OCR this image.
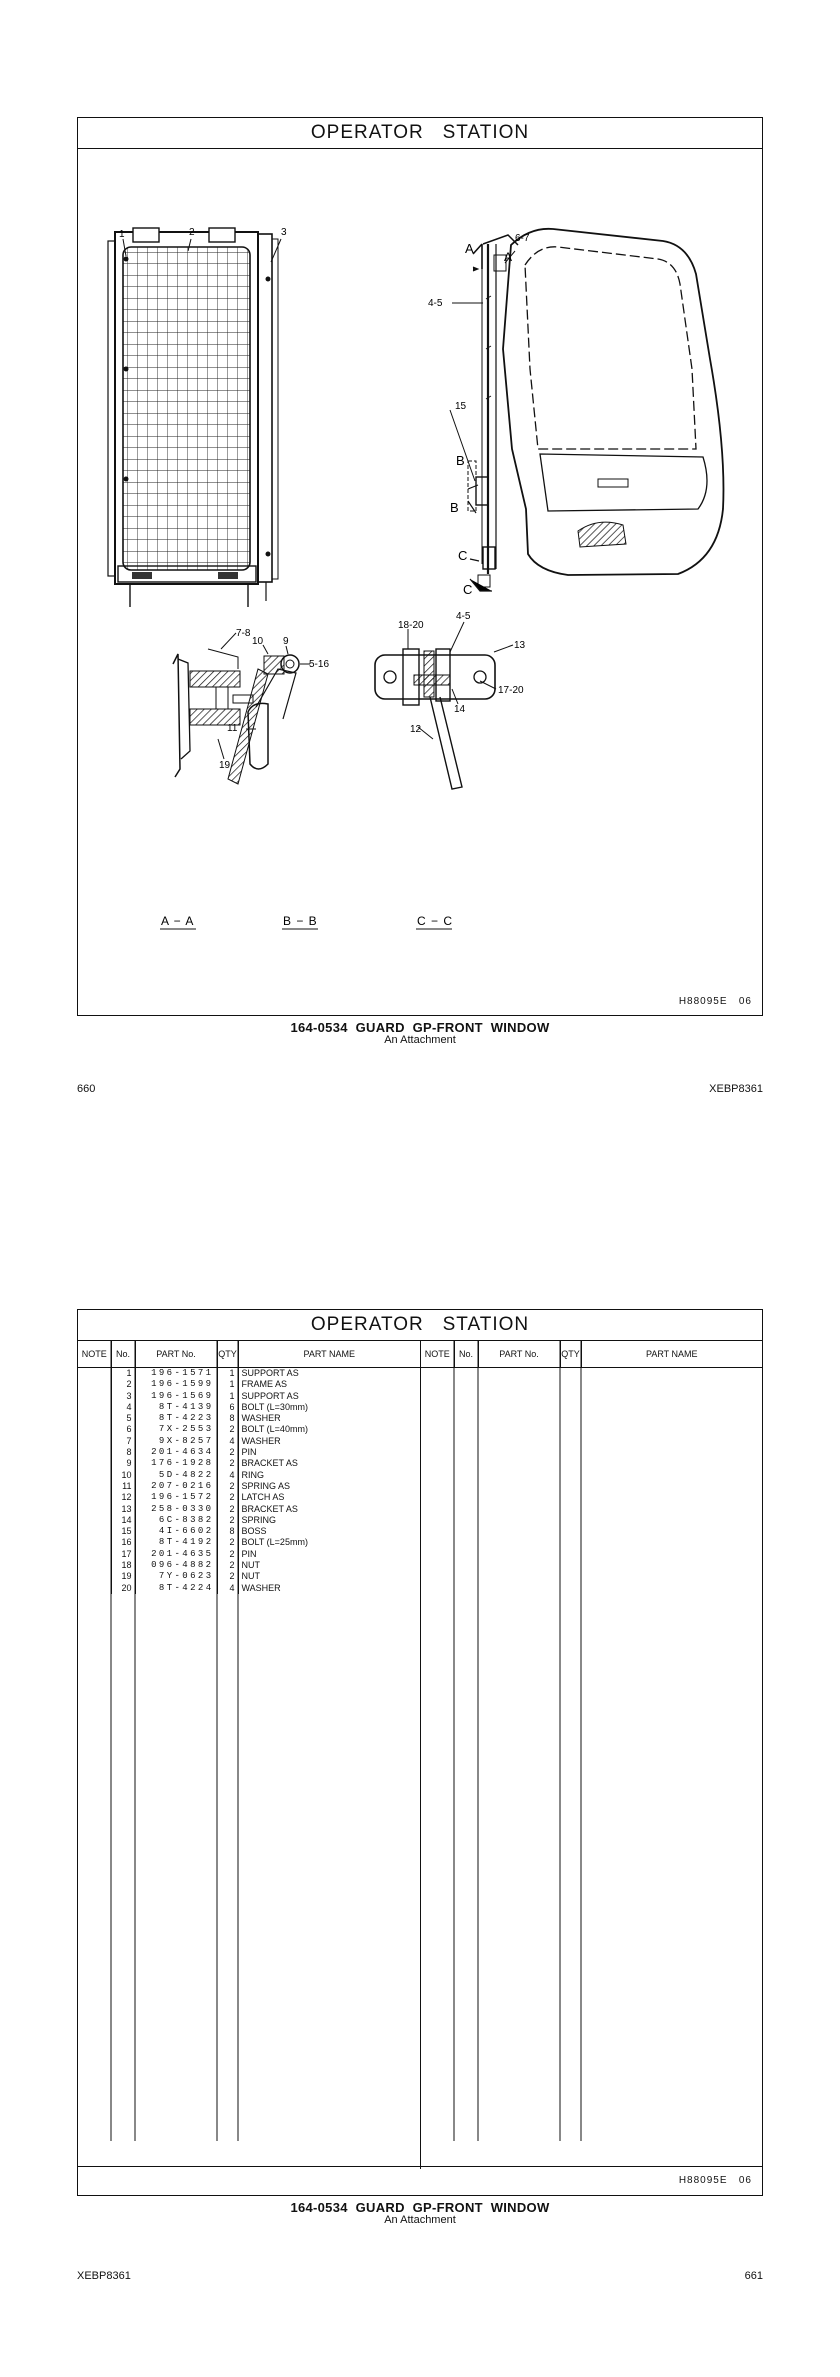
OPERATOR   STATION
1	2	3
6-7
A
A
4-5
15
B
B
C
C
7-8
19
10 9
5-16
11
18-20
4-5
13
17-20
14
12
A − A	B − B	C − C
H88095E   06
164-0534  GUARD  GP-FRONT  WINDOW
An Attachment
660	XEBP8361
OPERATOR   STATION
NOTE	No.	PART No.	QTY	PART NAME
	1	196-1571	1	SUPPORT AS
	2	196-1599	1	FRAME AS
	3	196-1569	1	SUPPORT AS
	4	8T-4139	6	BOLT (L=30mm)
	5	8T-4223	8	WASHER
	6	7X-2553	2	BOLT (L=40mm)
	7	9X-8257	4	WASHER
	8	201-4634	2	PIN
	9	176-1928	2	BRACKET AS
	10	5D-4822	4	RING
	11	207-0216	2	SPRING AS
	12	196-1572	2	LATCH AS
	13	258-0330	2	BRACKET AS
	14	6C-8382	2	SPRING
	15	4I-6602	8	BOSS
	16	8T-4192	2	BOLT (L=25mm)
	17	201-4635	2	PIN
	18	096-4882	2	NUT
	19	7Y-0623	2	NUT
	20	8T-4224	4	WASHER
NOTE	No.	PART No.	QTY	PART NAME
H88095E   06
164-0534  GUARD  GP-FRONT  WINDOW
An Attachment
XEBP8361	661
